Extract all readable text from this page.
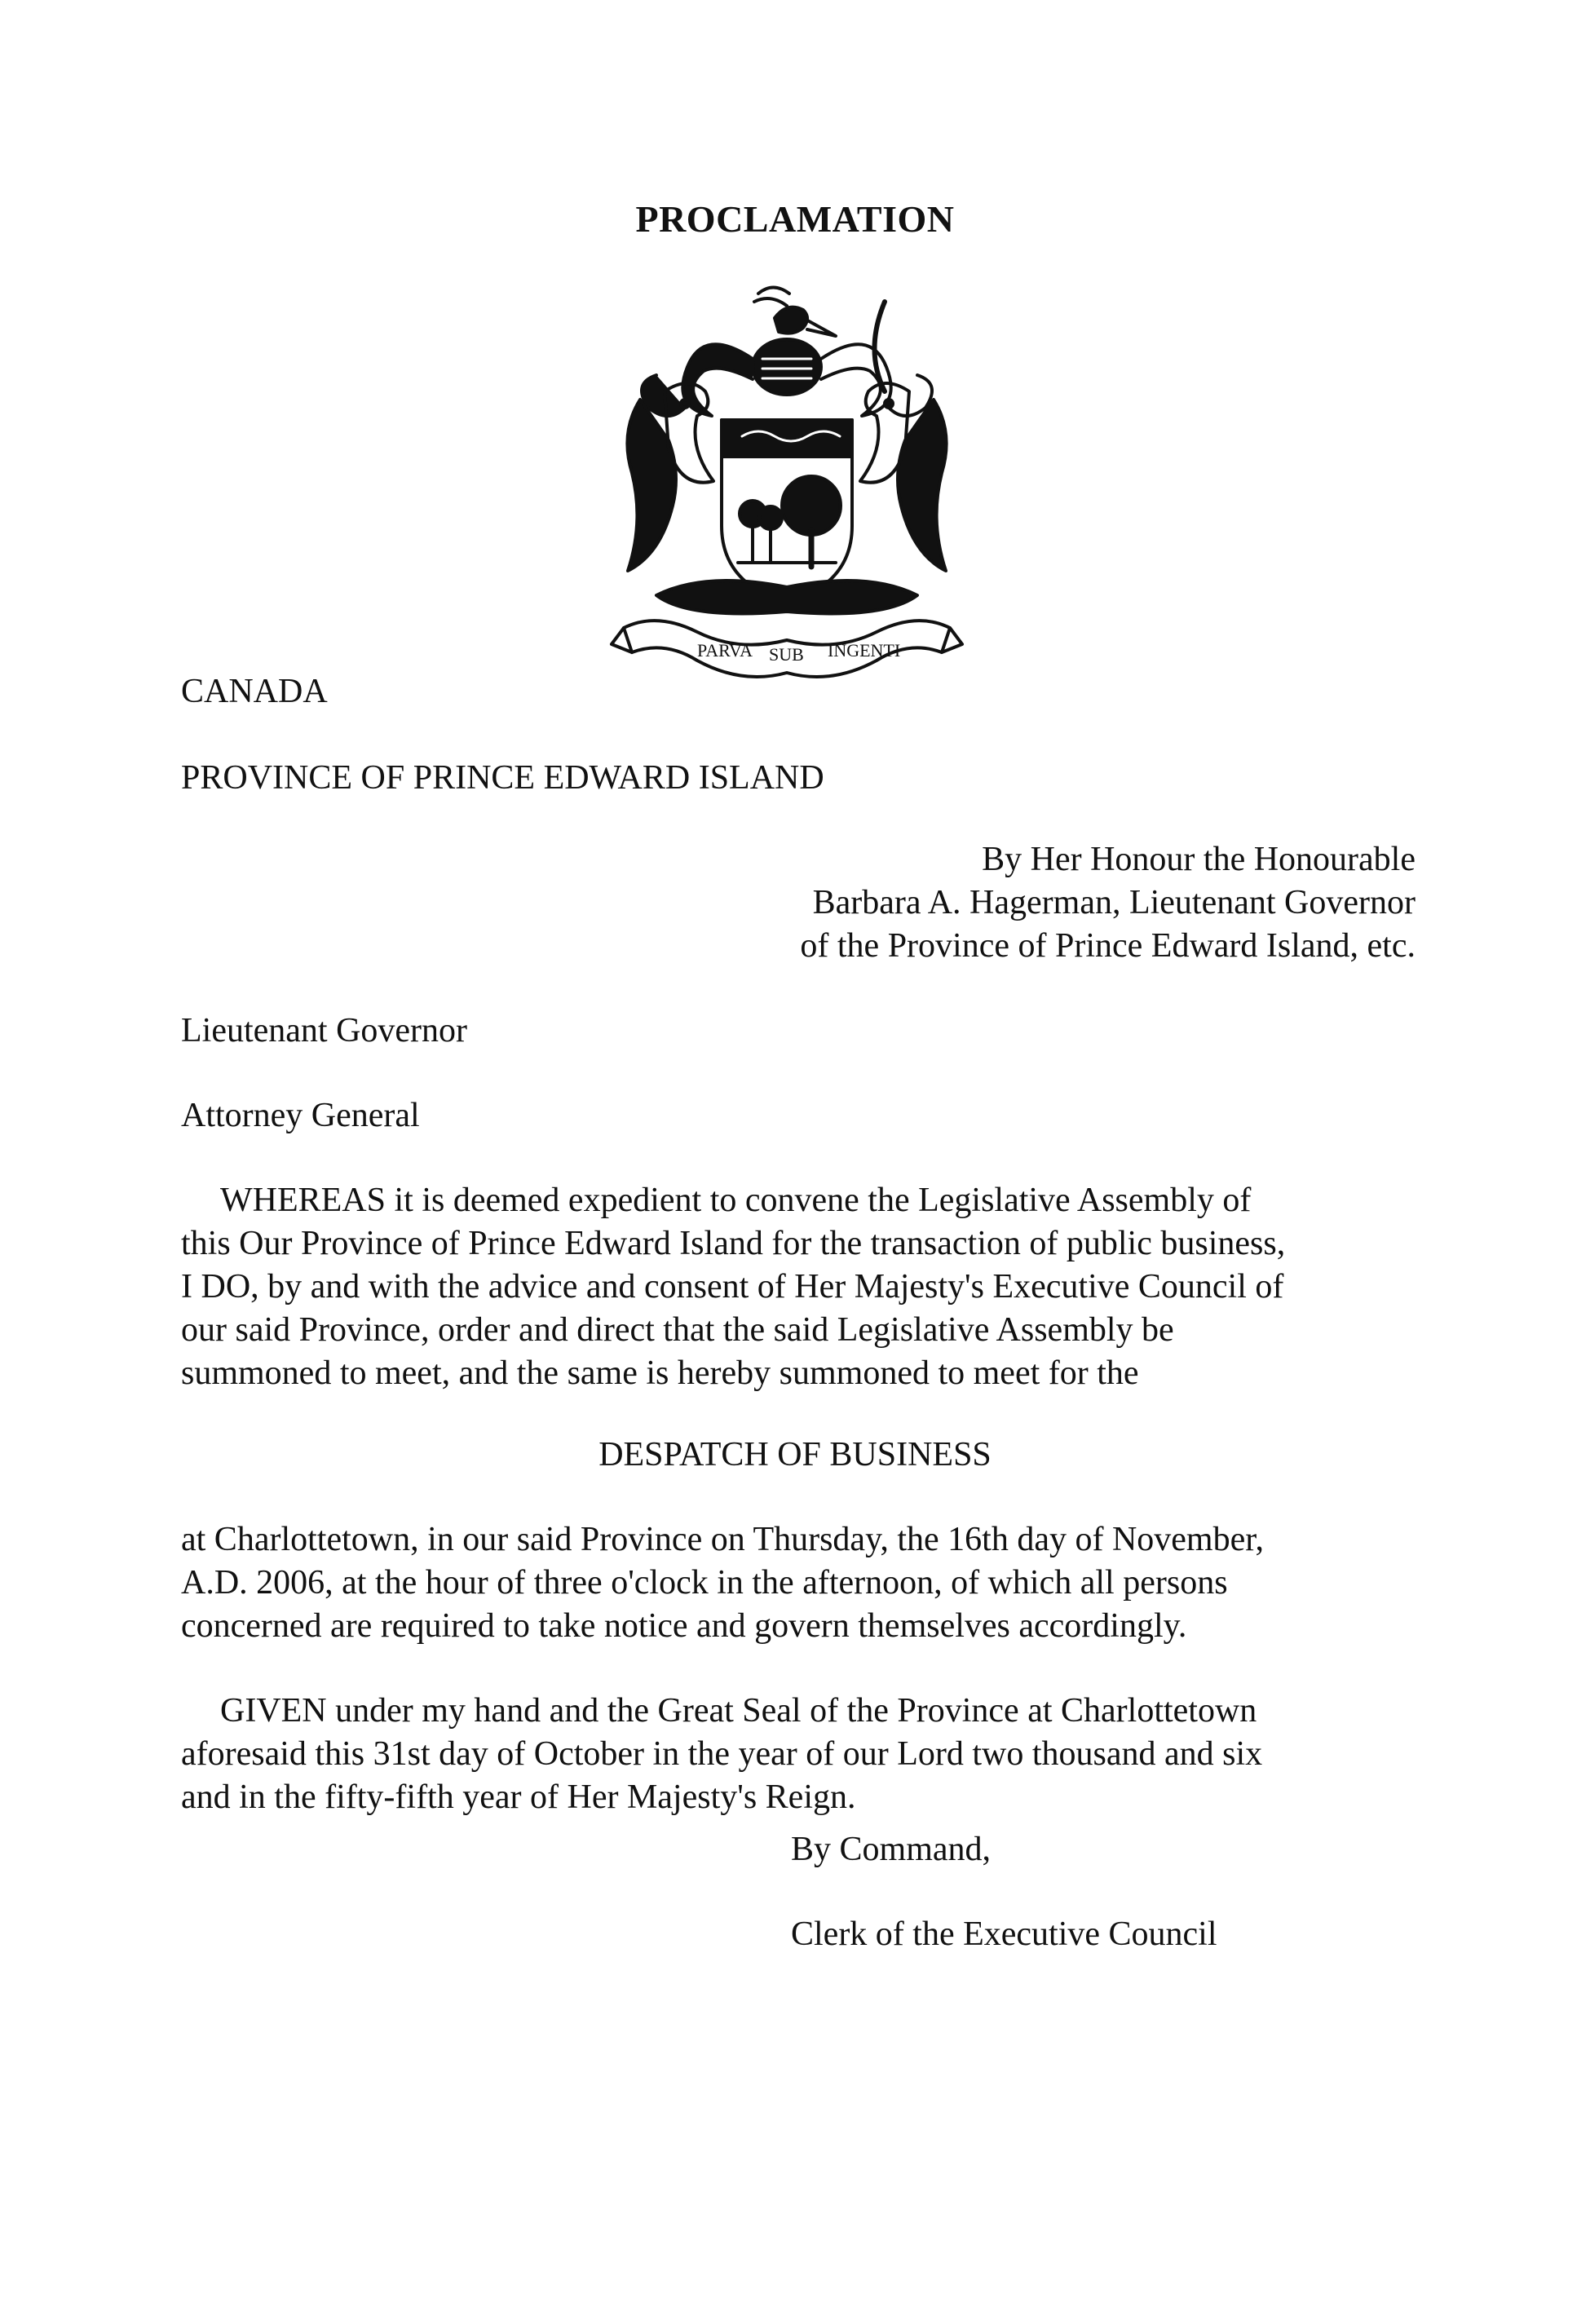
PROCLAMATION
PARVA SUB INGENTI
CANADA
PROVINCE OF PRINCE EDWARD ISLAND
By Her Honour the Honourable
Barbara A. Hagerman, Lieutenant Governor
of the Province of Prince Edward Island, etc.
Lieutenant Governor
Attorney General
WHEREAS it is deemed expedient to convene the Legislative Assembly of
this Our Province of Prince Edward Island for the transaction of public business,
I DO, by and with the advice and consent of Her Majesty's Executive Council of
our said Province, order and direct that the said Legislative Assembly be
summoned to meet, and the same is hereby summoned to meet for the
DESPATCH OF BUSINESS
at Charlottetown, in our said Province on Thursday, the 16th day of November,
A.D. 2006, at the hour of three o'clock in the afternoon, of which all persons
concerned are required to take notice and govern themselves accordingly.
GIVEN under my hand and the Great Seal of the Province at Charlottetown
aforesaid this 31st day of October in the year of our Lord two thousand and six
and in the fifty-fifth year of Her Majesty's Reign.
By Command,
Clerk of the Executive Council
